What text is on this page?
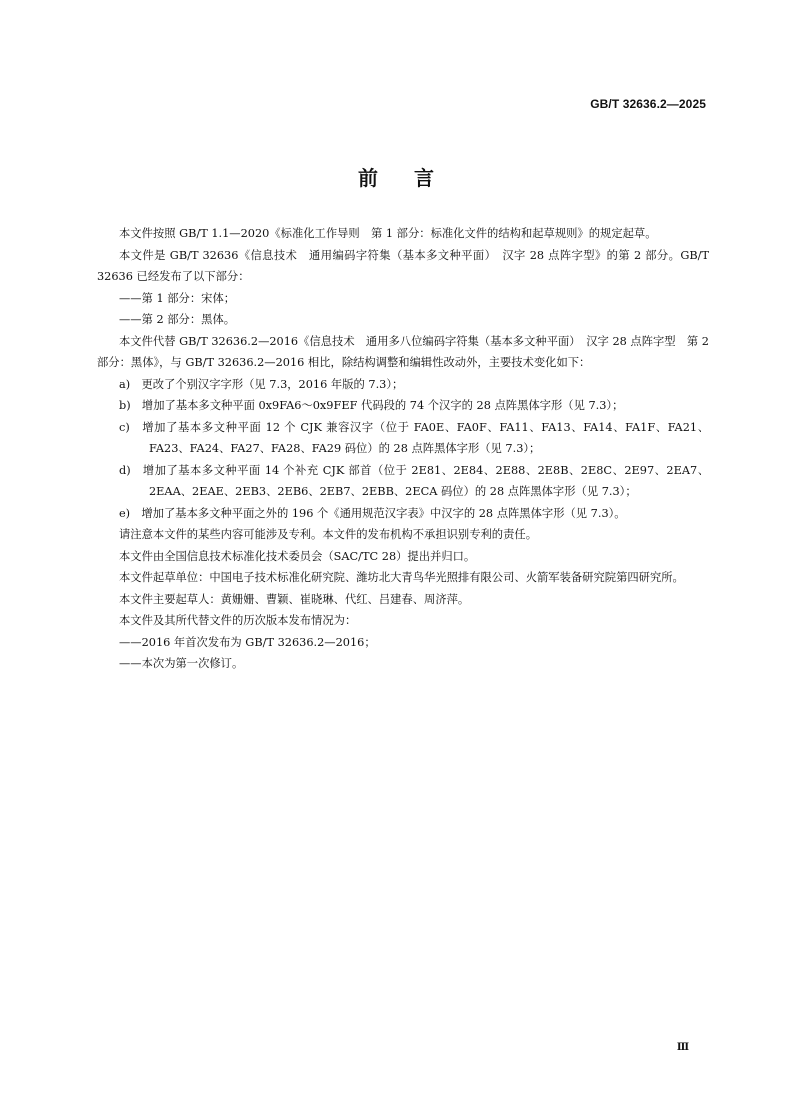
GB/T 32636.2—2025
前言

本文件按照 GB/T 1.1—2020《标准化工作导则　第 1 部分：标准化文件的结构和起草规则》的规定起草。

本文件是 GB/T 32636《信息技术　通用编码字符集（基本多文种平面）　汉字 28 点阵字型》的第 2 部分。GB/T 32636 已经发布了以下部分：

——第 1 部分：宋体；

——第 2 部分：黑体。

本文件代替 GB/T 32636.2—2016《信息技术　通用多八位编码字符集（基本多文种平面）　汉字 28 点阵字型　第 2 部分：黑体》，与 GB/T 32636.2—2016 相比，除结构调整和编辑性改动外，主要技术变化如下：

a)　更改了个别汉字字形（见 7.3，2016 年版的 7.3）；

b)　增加了基本多文种平面 0x9FA6～0x9FEF 代码段的 74 个汉字的 28 点阵黑体字形（见 7.3）；

c)　增加了基本多文种平面 12 个 CJK 兼容汉字（位于 FA0E、FA0F、FA11、FA13、FA14、FA1F、FA21、FA23、FA24、FA27、FA28、FA29 码位）的 28 点阵黑体字形（见 7.3）；

d)　增加了基本多文种平面 14 个补充 CJK 部首（位于 2E81、2E84、2E88、2E8B、2E8C、2E97、2EA7、2EAA、2EAE、2EB3、2EB6、2EB7、2EBB、2ECA 码位）的 28 点阵黑体字形（见 7.3）；

e)　增加了基本多文种平面之外的 196 个《通用规范汉字表》中汉字的 28 点阵黑体字形（见 7.3）。

请注意本文件的某些内容可能涉及专利。本文件的发布机构不承担识别专利的责任。

本文件由全国信息技术标准化技术委员会（SAC/TC 28）提出并归口。

本文件起草单位：中国电子技术标准化研究院、潍坊北大青鸟华光照排有限公司、火箭军装备研究院第四研究所。

本文件主要起草人：黄姗姗、曹颖、崔晓琳、代红、吕建春、周济萍。

本文件及其所代替文件的历次版本发布情况为：

——2016 年首次发布为 GB/T 32636.2—2016；

——本次为第一次修订。

Ⅲ
